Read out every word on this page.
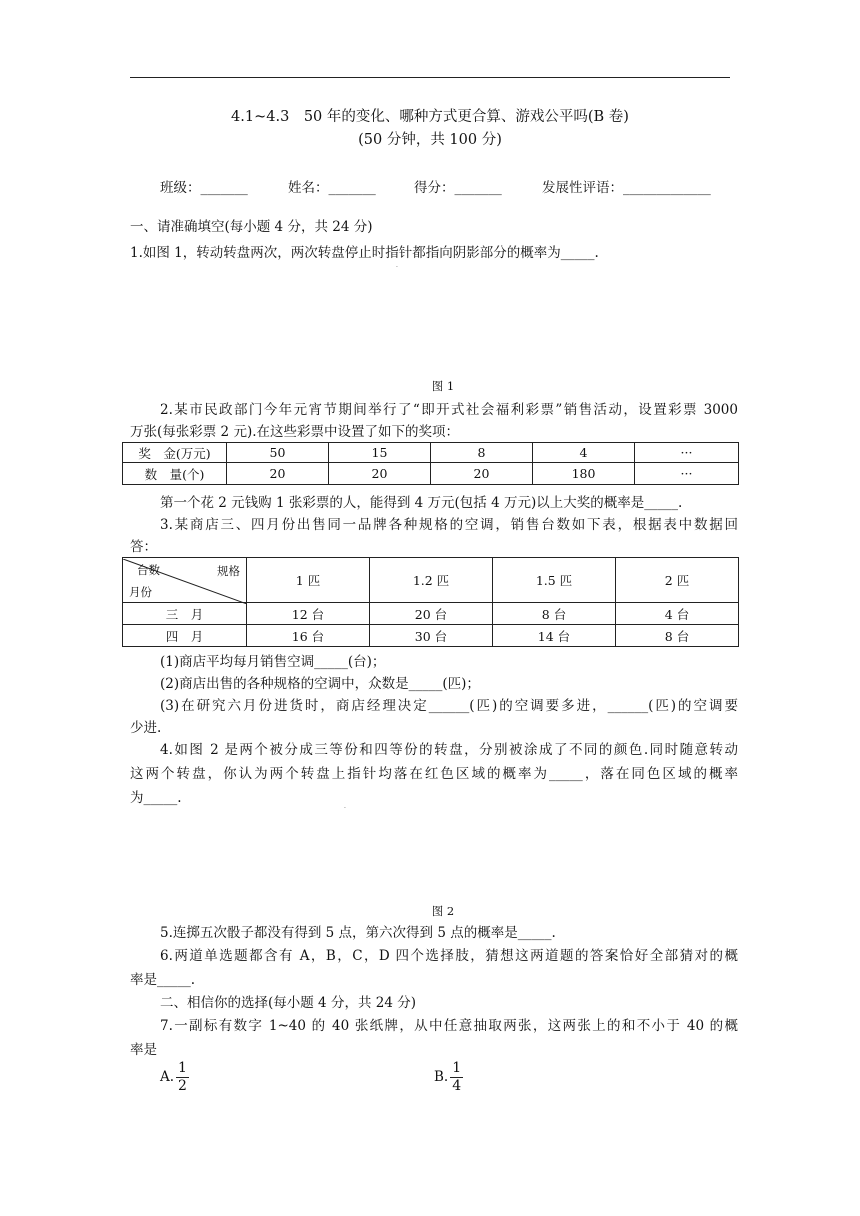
4.1~4.3　50 年的变化、哪种方式更合算、游戏公平吗(B 卷)
(50 分钟，共 100 分)
班级：_______	姓名：_______	得分：_______	发展性评语：_____________
一、请准确填空(每小题 4 分，共 24 分)
1.如图 1，转动转盘两次，两次转盘停止时指针都指向阴影部分的概率为_____.
.
图 1
2.某市民政部门今年元宵节期间举行了“即开式社会福利彩票”销售活动，设置彩票 3000
万张(每张彩票 2 元).在这些彩票中设置了如下的奖项：
奖　金(万元)	50	15	8	4	···
数　量(个)	20	20	20	180	···
第一个花 2 元钱购 1 张彩票的人，能得到 4 万元(包括 4 万元)以上大奖的概率是_____.
3.某商店三、四月份出售同一品牌各种规格的空调，销售台数如下表，根据表中数据回
答：
台数 规格
月份	1 匹	1.2 匹	1.5 匹	2 匹
三　月	12 台	20 台	8 台	4 台
四　月	16 台	30 台	14 台	8 台
(1)商店平均每月销售空调_____(台)；
(2)商店出售的各种规格的空调中，众数是_____(匹)；
(3)在研究六月份进货时，商店经理决定______(匹)的空调要多进，______(匹)的空调要
少进.
4.如图 2 是两个被分成三等份和四等份的转盘，分别被涂成了不同的颜色.同时随意转动
这两个转盘，你认为两个转盘上指针均落在红色区域的概率为_____，落在同色区域的概率
为_____.
.
图 2
5.连掷五次骰子都没有得到 5 点，第六次得到 5 点的概率是_____.
6.两道单选题都含有 A，B，C，D 四个选择肢，猜想这两道题的答案恰好全部猜对的概
率是_____.
二、相信你的选择(每小题 4 分，共 24 分)
7.一副标有数字 1~40 的 40 张纸牌，从中任意抽取两张，这两张上的和不小于 40 的概
率是
A. $\frac{1}{2}$	B. $\frac{1}{4}$
